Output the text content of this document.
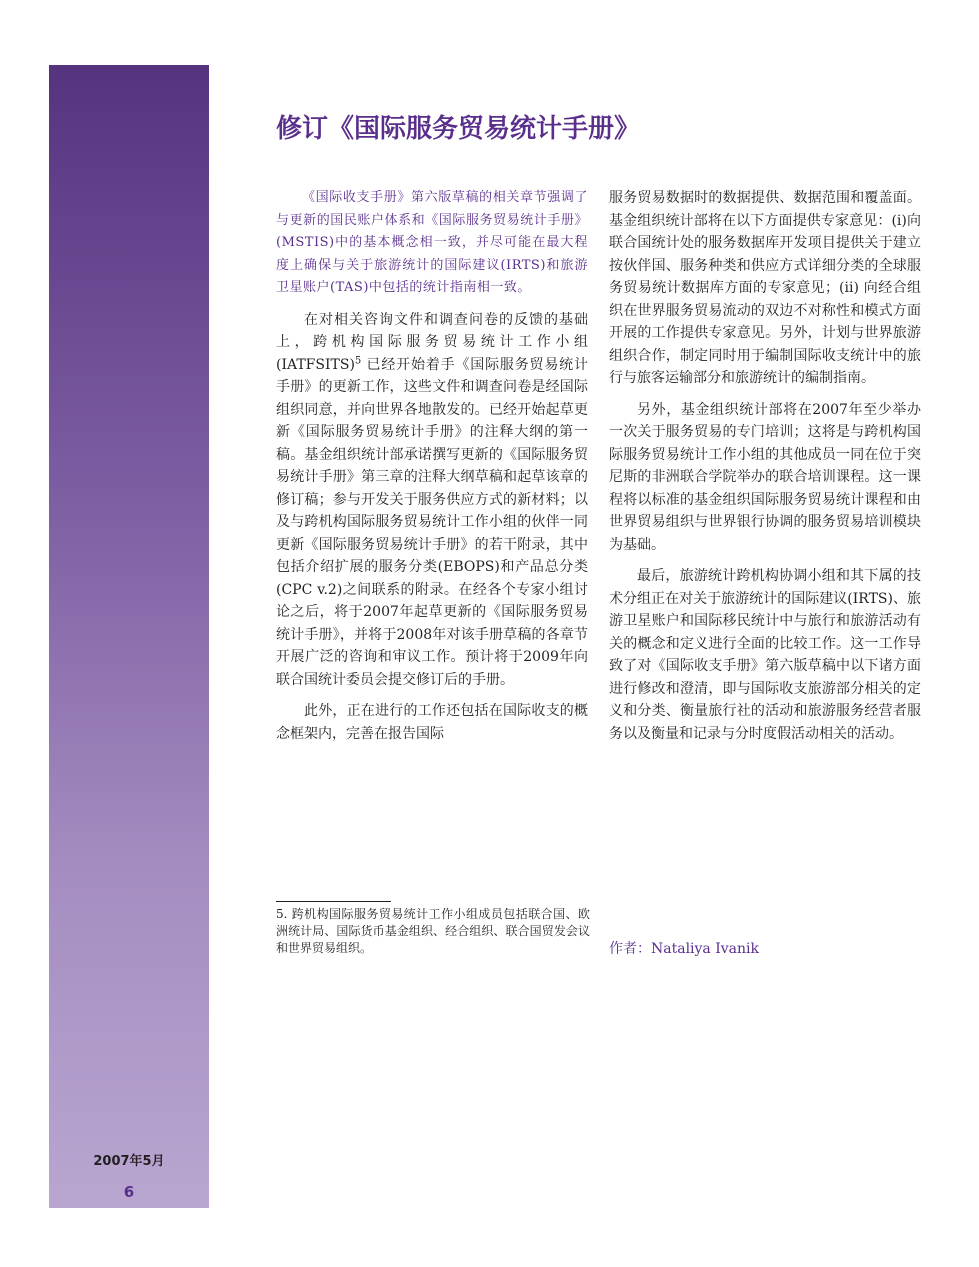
2007年5月
6
修订《国际服务贸易统计手册》

《国际收支手册》第六版草稿的相关章节强调了与更新的国民账户体系和《国际服务贸易统计手册》(MSTIS)中的基本概念相一致，并尽可能在最大程度上确保与关于旅游统计的国际建议(IRTS)和旅游卫星账户(TAS)中包括的统计指南相一致。

在对相关咨询文件和调查问卷的反馈的基础上，跨机构国际服务贸易统计工作小组(IATFSITS)$^5$ 已经开始着手《国际服务贸易统计手册》的更新工作，这些文件和调查问卷是经国际组织同意，并向世界各地散发的。已经开始起草更新《国际服务贸易统计手册》的注释大纲的第一稿。基金组织统计部承诺撰写更新的《国际服务贸易统计手册》第三章的注释大纲草稿和起草该章的修订稿；参与开发关于服务供应方式的新材料；以及与跨机构国际服务贸易统计工作小组的伙伴一同更新《国际服务贸易统计手册》的若干附录，其中包括介绍扩展的服务分类(EBOPS)和产品总分类(CPC v.2)之间联系的附录。在经各个专家小组讨论之后，将于2007年起草更新的《国际服务贸易统计手册》，并将于2008年对该手册草稿的各章节开展广泛的咨询和审议工作。预计将于2009年向联合国统计委员会提交修订后的手册。

此外，正在进行的工作还包括在国际收支的概念框架内，完善在报告国际

5. 跨机构国际服务贸易统计工作小组成员包括联合国、欧洲统计局、国际货币基金组织、经合组织、联合国贸发会议和世界贸易组织。

服务贸易数据时的数据提供、数据范围和覆盖面。基金组织统计部将在以下方面提供专家意见：(i)向联合国统计处的服务数据库开发项目提供关于建立按伙伴国、服务种类和供应方式详细分类的全球服务贸易统计数据库方面的专家意见；(ii) 向经合组织在世界服务贸易流动的双边不对称性和模式方面开展的工作提供专家意见。另外，计划与世界旅游组织合作，制定同时用于编制国际收支统计中的旅行与旅客运输部分和旅游统计的编制指南。

另外，基金组织统计部将在2007年至少举办一次关于服务贸易的专门培训；这将是与跨机构国际服务贸易统计工作小组的其他成员一同在位于突尼斯的非洲联合学院举办的联合培训课程。这一课程将以标准的基金组织国际服务贸易统计课程和由世界贸易组织与世界银行协调的服务贸易培训模块为基础。

最后，旅游统计跨机构协调小组和其下属的技术分组正在对关于旅游统计的国际建议(IRTS)、旅游卫星账户和国际移民统计中与旅行和旅游活动有关的概念和定义进行全面的比较工作。这一工作导致了对《国际收支手册》第六版草稿中以下诸方面进行修改和澄清，即与国际收支旅游部分相关的定义和分类、衡量旅行社的活动和旅游服务经营者服务以及衡量和记录与分时度假活动相关的活动。

作者：Nataliya Ivanik
